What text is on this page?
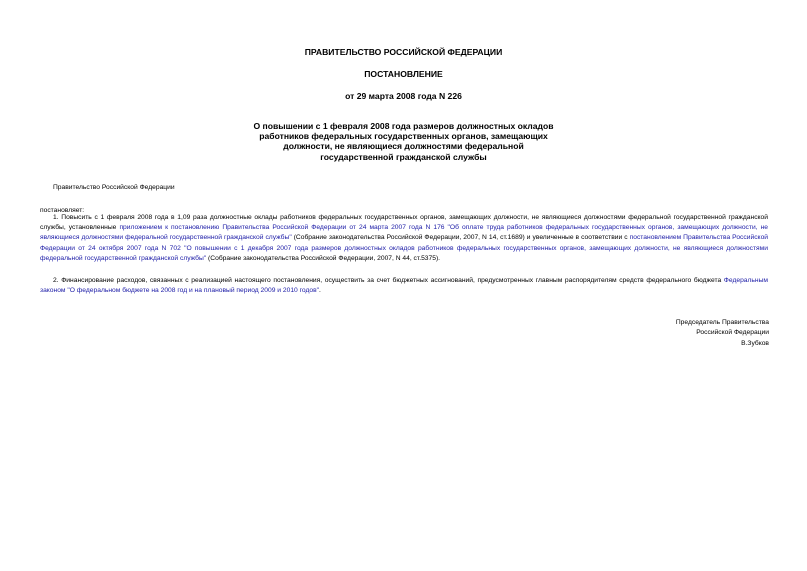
ПРАВИТЕЛЬСТВО РОССИЙСКОЙ ФЕДЕРАЦИИ
ПОСТАНОВЛЕНИЕ
от 29 марта 2008 года N 226
О повышении с 1 февраля 2008 года размеров должностных окладов
работников федеральных государственных органов, замещающих
должности, не являющиеся должностями федеральной
государственной гражданской службы
Правительство Российской Федерации
постановляет:
1. Повысить с 1 февраля 2008 года в 1,09 раза должностные оклады работников федеральных государственных органов, замещающих должности, не являющиеся должностями федеральной государственной гражданской службы, установленные приложением к постановлению Правительства Российской Федерации от 24 марта 2007 года N 176 "Об оплате труда работников федеральных государственных органов, замещающих должности, не являющиеся должностями федеральной государственной гражданской службы" (Собрание законодательства Российской Федерации, 2007, N 14, ст.1689) и увеличенные в соответствии с постановлением Правительства Российской Федерации от 24 октября 2007 года N 702 "О повышении с 1 декабря 2007 года размеров должностных окладов работников федеральных государственных органов, замещающих должности, не являющиеся должностями федеральной государственной гражданской службы" (Собрание законодательства Российской Федерации, 2007, N 44, ст.5375).
2. Финансирование расходов, связанных с реализацией настоящего постановления, осуществить за счет бюджетных ассигнований, предусмотренных главным распорядителям средств федерального бюджета Федеральным законом "О федеральном бюджете на 2008 год и на плановый период 2009 и 2010 годов".
Председатель Правительства
Российской Федерации
В.Зубков
